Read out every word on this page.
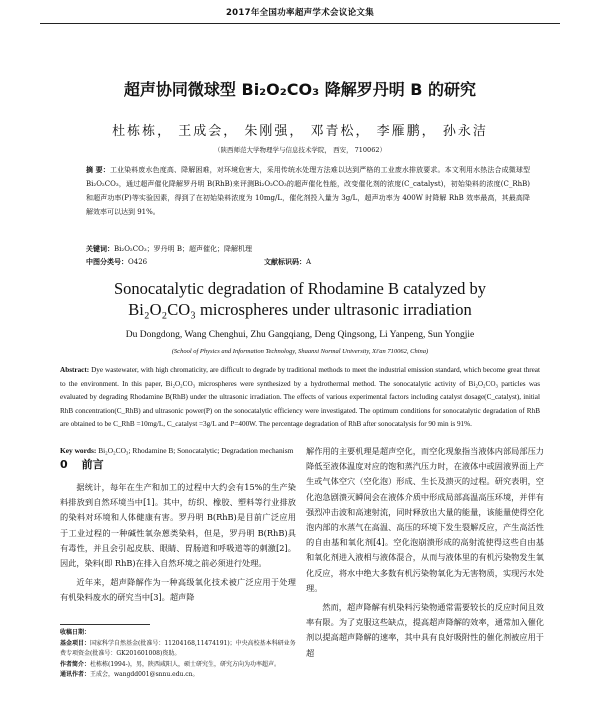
2017年全国功率超声学术会议论文集
超声协同微球型 Bi₂O₂CO₃ 降解罗丹明 B 的研究
杜栋栋， 王成会， 朱刚强， 邓青松， 李雁鹏， 孙永洁
（陕西师范大学物理学与信息技术学院， 西安， 710062）
摘 要：工业染料废水色度高、降解困难，对环境危害大，采用传统水处理方法难以达到严格的工业废水排放要求。本文利用水热法合成微球型Bi₂O₂CO₃，通过超声催化降解罗丹明 B(RhB)来评测Bi₂O₂CO₃的超声催化性能，改变催化剂的浓度(C_catalyst)，初始染料的浓度(C_RhB)和超声功率(P)等实验因素，得到了在初始染料浓度为 10mg/L，催化剂投入量为 3g/L，超声功率为 400W 时降解 RhB 效率最高，其最高降解效率可以达到 91%。
关键词：Bi₂O₂CO₃；罗丹明 B；超声催化；降解机理
中图分类号：O426	文献标识码：A
Sonocatalytic degradation of Rhodamine B catalyzed by
Bi₂O₂CO₃ microspheres under ultrasonic irradiation
Du Dongdong, Wang Chenghui, Zhu Gangqiang, Deng Qingsong, Li Yanpeng, Sun Yongjie
(School of Physics and Information Technology, Shaanxi Normal University, Xi'an 710062, China)
Abstract: Dye wastewater, with high chromaticity, are difficult to degrade by traditional methods to meet the industrial emission standard, which become great threat to the environment. In this paper, Bi₂O₂CO₃ microspheres were synthesized by a hydrothermal method. The sonocatalytic activity of Bi₂O₂CO₃ particles was evaluated by degrading Rhodamine B(RhB) under the ultrasonic irradiation. The effects of various experimental factors including catalyst dosage(C_catalyst), initial RhB concentration(C_RhB) and ultrasonic power(P) on the sonocatalytic efficiency were investigated. The optimum conditions for sonocatalytic degradation of RhB are obtained to be C_RhB =10mg/L, C_catalyst =3g/L and P=400W. The percentage degradation of RhB after sonocatalysis for 90 min is 91%.
Key words: Bi₂O₂CO₃; Rhodamine B; Sonocatalytic; Degradation mechanism
0 前言

据统计，每年在生产和加工的过程中大约会有15%的生产染料排放到自然环境当中[1]。其中，纺织、橡胶、塑料等行业排放的染料对环境和人体健康有害。罗丹明 B(RhB)是目前广泛应用于工业过程的一种碱性氧杂蒽类染料，但是，罗丹明 B(RhB)具有毒性，并且会引起皮肤、眼睛、胃肠道和呼吸道等的刺激[2]。因此，染料(即 RhB)在排入自然环境之前必须进行处理。

近年来，超声降解作为一种高级氧化技术被广泛应用于处理有机染料废水的研究当中[3]。超声降

解作用的主要机理是超声空化，而空化现象指当液体内部局部压力降低至液体温度对应的饱和蒸汽压力时，在液体中或固液界面上产生或气体空穴（空化泡）形成、生长及溃灭的过程。研究表明，空化泡急剧溃灭瞬间会在液体介质中形成局部高温高压环境，并伴有强烈冲击波和高速射流，同时释放出大量的能量，该能量使得空化泡内部的水蒸气在高温、高压的环境下发生裂解反应，产生高活性的自由基和氧化剂[4]。空化泡崩溃形成的高射流使得这些自由基和氧化剂进入液相与液体混合，从而与液体里的有机污染物发生氧化反应，将水中绝大多数有机污染物氧化为无害物质，实现污水处理。

然而，超声降解有机染料污染物通常需要较长的反应时间且效率有限。为了克服这些缺点，提高超声降解的效率，通常加入催化剂以提高超声降解的速率，其中具有良好吸附性的催化剂被应用于超

收稿日期：

基金项目：国家科学自然基金(批准号：11204168,11474191)；中央高校基本科研业务费专项资金(批准号：GK201601008)资助。

作者简介：杜栋栋(1994-)，男，陕西咸阳人，硕士研究生，研究方向为功率超声。

通讯作者：王成会，wangdd001@snnu.edu.cn。
